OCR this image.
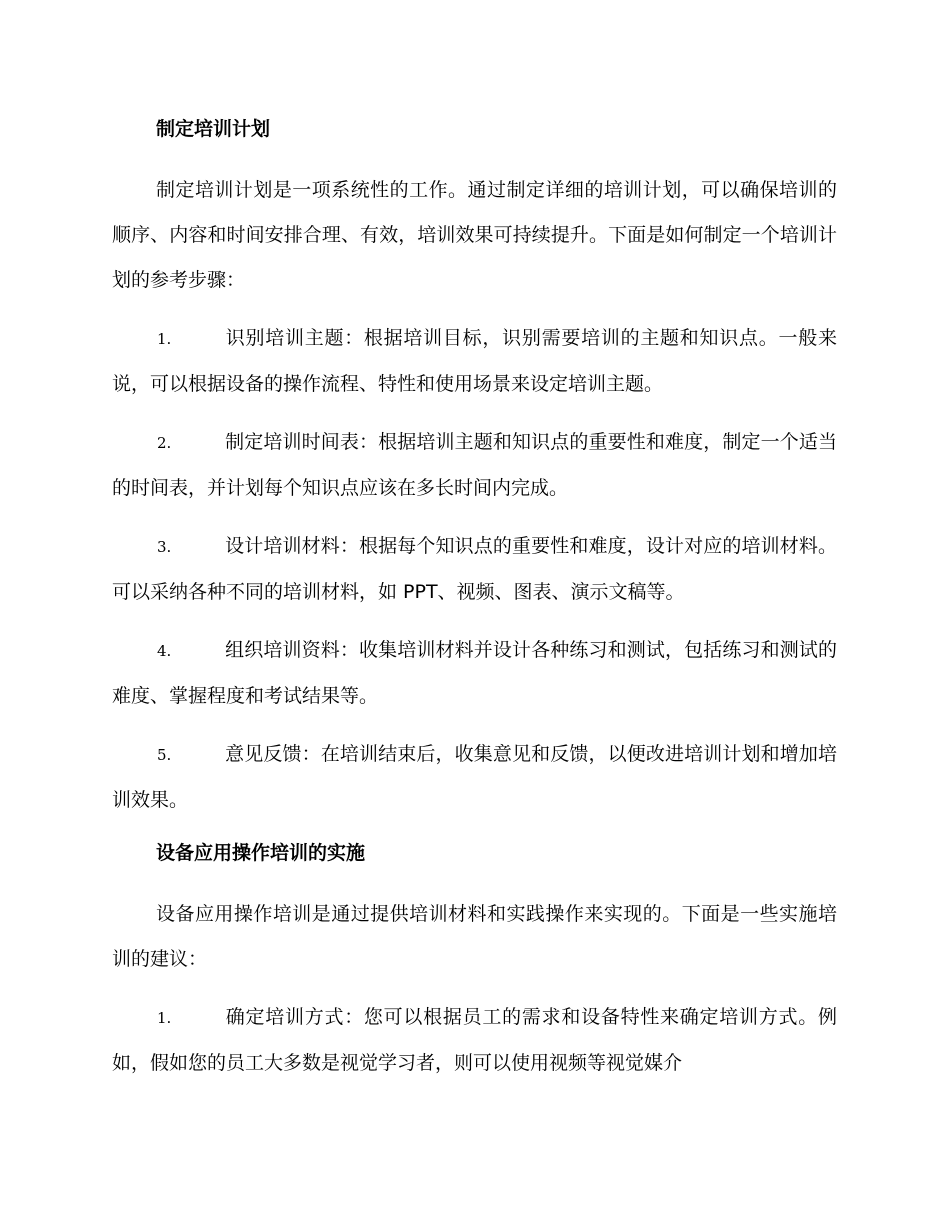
制定培训计划

制定培训计划是一项系统性的工作。通过制定详细的培训计划，可以确保培训的顺序、内容和时间安排合理、有效，培训效果可持续提升。下面是如何制定一个培训计划的参考步骤：

1.	识别培训主题：根据培训目标，识别需要培训的主题和知识点。一般来说，可以根据设备的操作流程、特性和使用场景来设定培训主题。

2.	制定培训时间表：根据培训主题和知识点的重要性和难度，制定一个适当的时间表，并计划每个知识点应该在多长时间内完成。

3.	设计培训材料：根据每个知识点的重要性和难度，设计对应的培训材料。可以采纳各种不同的培训材料，如 PPT、视频、图表、演示文稿等。

4.	组织培训资料：收集培训材料并设计各种练习和测试，包括练习和测试的难度、掌握程度和考试结果等。

5.	意见反馈：在培训结束后，收集意见和反馈，以便改进培训计划和增加培训效果。

设备应用操作培训的实施

设备应用操作培训是通过提供培训材料和实践操作来实现的。下面是一些实施培训的建议：

1.	确定培训方式：您可以根据员工的需求和设备特性来确定培训方式。例如，假如您的员工大多数是视觉学习者，则可以使用视频等视觉媒介
